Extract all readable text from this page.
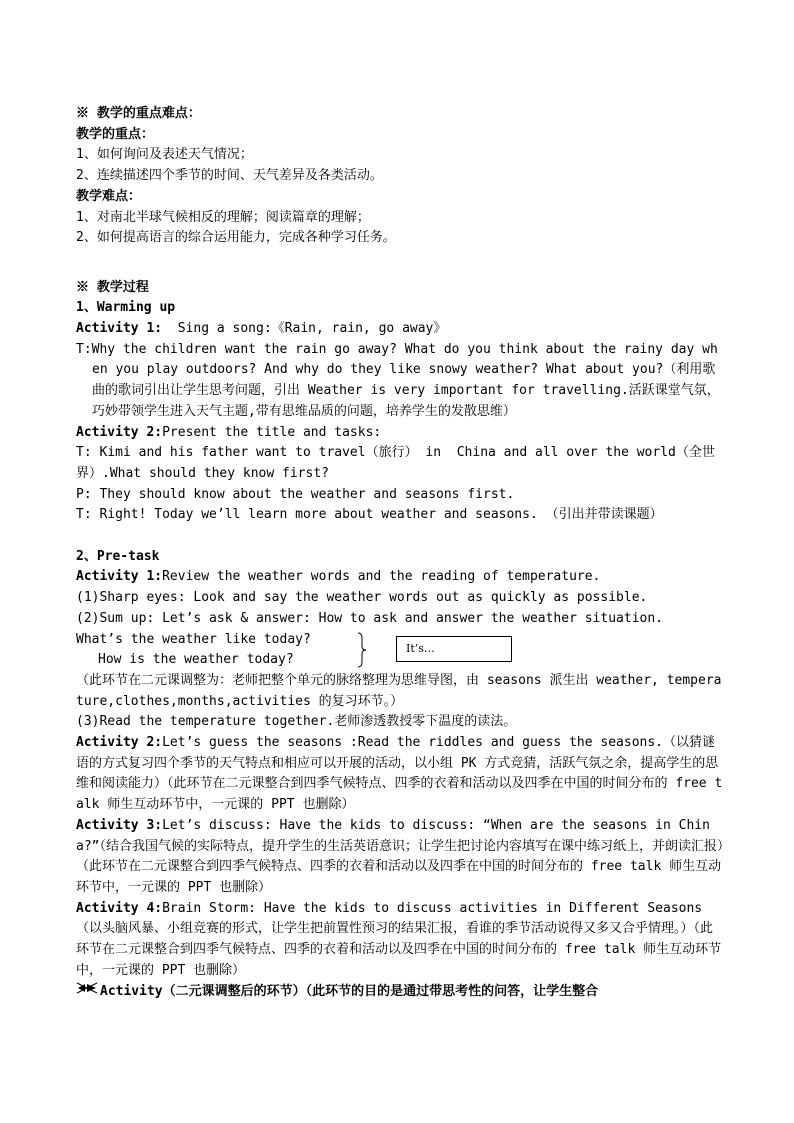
※ 教学的重点难点：
教学的重点：
1、如何询问及表述天气情况；
2、连续描述四个季节的时间、天气差异及各类活动。
教学难点：
1、对南北半球气候相反的理解；阅读篇章的理解；
2、如何提高语言的综合运用能力，完成各种学习任务。
※ 教学过程
1、Warming up
Activity 1:  Sing a song:《Rain, rain, go away》
T:Why the children want the rain go away? What do you think about the rainy day when you play outdoors? And why do they like snowy weather? What about you?（利用歌曲的歌词引出让学生思考问题，引出 Weather is very important for travelling.活跃课堂气氛，巧妙带领学生进入天气主题,带有思维品质的问题，培养学生的发散思维）
Activity 2:Present the title and tasks:
T: Kimi and his father want to travel（旅行） in  China and all over the world（全世界）.What should they know first?
P: They should know about the weather and seasons first.
T: Right! Today we’ll learn more about weather and seasons. （引出并带读课题）
2、Pre-task
Activity 1:Review the weather words and the reading of temperature.
(1)Sharp eyes: Look and say the weather words out as quickly as possible.
(2)Sum up: Let’s ask & answer: How to ask and answer the weather situation.
What’s the weather like today?
How is the weather today?
It’s…
（此环节在二元课调整为：老师把整个单元的脉络整理为思维导图，由 seasons 派生出 weather, temperature,clothes,months,activities 的复习环节。）
(3)Read the temperature together.老师渗透教授零下温度的读法。
Activity 2:Let’s guess the seasons :Read the riddles and guess the seasons.（以猜谜语的方式复习四个季节的天气特点和相应可以开展的活动，以小组 PK 方式竞猜，活跃气氛之余，提高学生的思维和阅读能力）（此环节在二元课整合到四季气候特点、四季的衣着和活动以及四季在中国的时间分布的 free talk 师生互动环节中，一元课的 PPT 也删除）
Activity 3:Let’s discuss: Have the kids to discuss: “When are the seasons in China?”（结合我国气候的实际特点，提升学生的生活英语意识；让学生把讨论内容填写在课中练习纸上，并朗读汇报）（此环节在二元课整合到四季气候特点、四季的衣着和活动以及四季在中国的时间分布的 free talk 师生互动环节中，一元课的 PPT 也删除）
Activity 4:Brain Storm: Have the kids to discuss activities in Different Seasons（以头脑风暴、小组竞赛的形式，让学生把前置性预习的结果汇报，看谁的季节活动说得又多又合乎情理。）（此环节在二元课整合到四季气候特点、四季的衣着和活动以及四季在中国的时间分布的 free talk 师生互动环节中，一元课的 PPT 也删除）
Activity（二元课调整后的环节）（此环节的目的是通过带思考性的问答，让学生整合
